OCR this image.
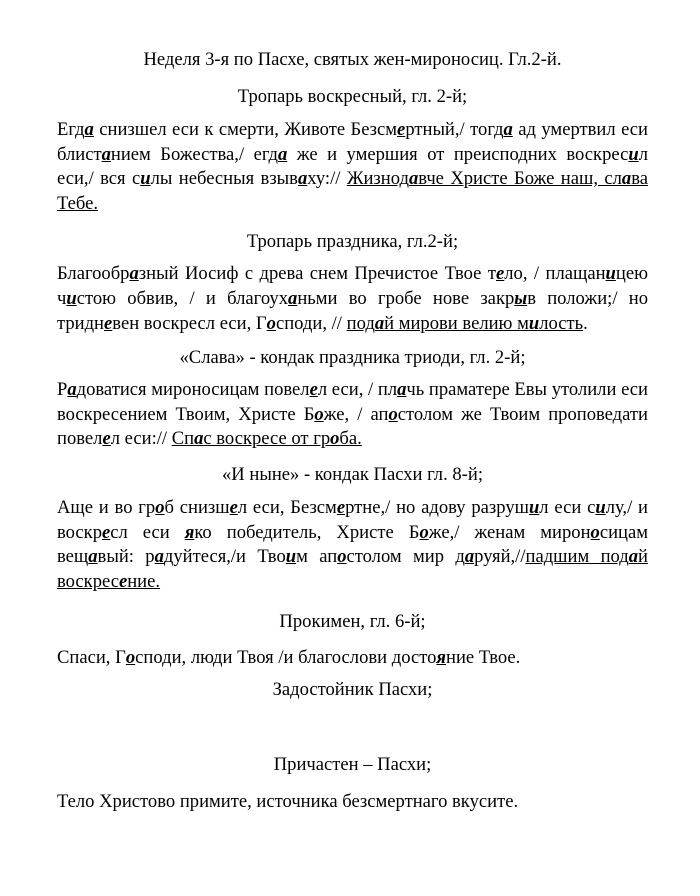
Неделя 3-я по Пасхе, святых жен-мироносиц. Гл.2-й.

Тропарь воскресный, гл. 2-й;

Егда снизшел еси к смерти, Животе Безсмертный,/ тогда ад умертвил еси блистанием Божества,/ егда же и умершия от преисподних воскресил еси,/ вся силы небесныя взываху:// Жизнодавче Христе Боже наш, слава Тебе.

Тропарь праздника, гл.2-й;

Благообразный Иосиф с древа снем Пречистое Твое тело, / плащаницею чистою обвив, / и благоуханьми во гробе нове закрыв положи;/ но тридневен воскресл еси, Господи, // подай мирови велию милость.

«Слава» - кондак праздника триоди, гл. 2-й;

Радоватися мироносицам повелел еси, / плачь праматере Евы утолили еси воскресением Твоим, Христе Боже, / апостолом же Твоим проповедати повелел еси:// Спас воскресе от гроба.

«И ныне» - кондак Пасхи гл. 8-й;

Аще и во гроб снизшел еси, Безсмертне,/ но адову разрушил еси силу,/ и воскресл еси яко победитель, Христе Боже,/ женам мироносицам вещавый: радуйтеся,/и Твоим апостолом мир даруяй,//падшим подай воскресение.

Прокимен, гл. 6-й;

Спаси, Господи, люди Твоя /и благослови достояние Твое.

Задостойник Пасхи;

Причастен – Пасхи;

Тело Христово примите, источника безсмертнаго вкусите.
